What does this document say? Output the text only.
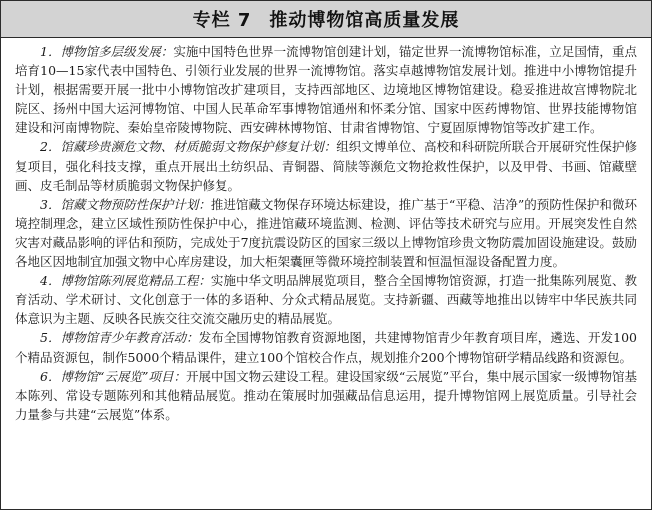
专栏 7 推动博物馆高质量发展

1．博物馆多层级发展：实施中国特色世界一流博物馆创建计划，锚定世界一流博物馆标准，立足国情，重点培育10—15家代表中国特色、引领行业发展的世界一流博物馆。落实卓越博物馆发展计划。推进中小博物馆提升计划，根据需要开展一批中小博物馆改扩建项目，支持西部地区、边境地区博物馆建设。稳妥推进故宫博物院北院区、扬州中国大运河博物馆、中国人民革命军事博物馆通州和怀柔分馆、国家中医药博物馆、世界技能博物馆建设和河南博物院、秦始皇帝陵博物院、西安碑林博物馆、甘肃省博物馆、宁夏固原博物馆等改扩建工作。

2．馆藏珍贵濒危文物、材质脆弱文物保护修复计划：组织文博单位、高校和科研院所联合开展研究性保护修复项目，强化科技支撑，重点开展出土纺织品、青铜器、简牍等濒危文物抢救性保护，以及甲骨、书画、馆藏壁画、皮毛制品等材质脆弱文物保护修复。

3．馆藏文物预防性保护计划：推进馆藏文物保存环境达标建设，推广基于“平稳、洁净”的预防性保护和微环境控制理念，建立区域性预防性保护中心，推进馆藏环境监测、检测、评估等技术研究与应用。开展突发性自然灾害对藏品影响的评估和预防，完成处于7度抗震设防区的国家三级以上博物馆珍贵文物防震加固设施建设。鼓励各地区因地制宜加强文物中心库房建设，加大柜架囊匣等微环境控制装置和恒温恒湿设备配置力度。

4．博物馆陈列展览精品工程：实施中华文明品牌展览项目，整合全国博物馆资源，打造一批集陈列展览、教育活动、学术研讨、文化创意于一体的多语种、分众式精品展览。支持新疆、西藏等地推出以铸牢中华民族共同体意识为主题、反映各民族交往交流交融历史的精品展览。

5．博物馆青少年教育活动：发布全国博物馆教育资源地图，共建博物馆青少年教育项目库，遴选、开发100个精品资源包，制作5000个精品课件，建立100个馆校合作点，规划推介200个博物馆研学精品线路和资源包。

6．博物馆“云展览”项目：开展中国文物云建设工程。建设国家级“云展览”平台，集中展示国家一级博物馆基本陈列、常设专题陈列和其他精品展览。推动在策展时加强藏品信息运用，提升博物馆网上展览质量。引导社会力量参与共建“云展览”体系。
